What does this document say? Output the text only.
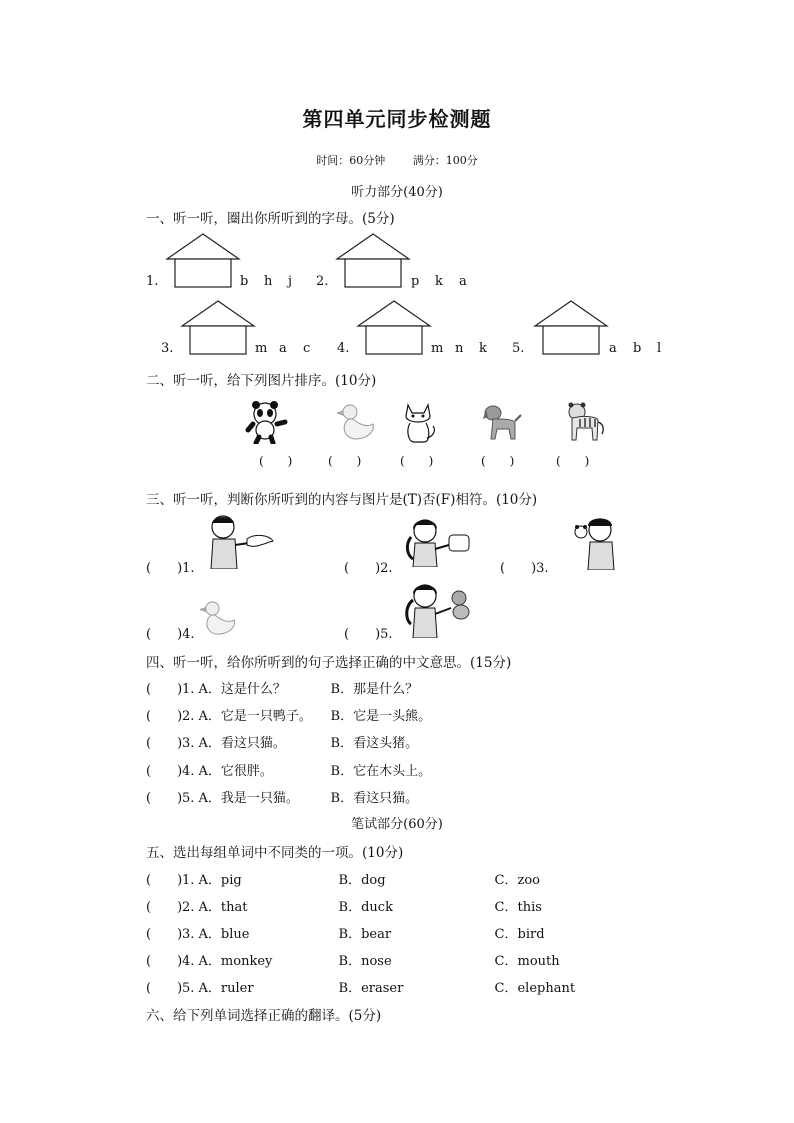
第四单元同步检测题
时间：60分钟	满分：100分
听力部分(40分)
一、听一听，圈出你所听到的字母。(5分)
1.	b h j	2.	p k a
3.	m a c	4.	m n k	5.	a b l
二、听一听，给下列图片排序。(10分)
(　　)	(　　)	(　　)	(　　)	(　　)
三、听一听，判断你所听到的内容与图片是(T)否(F)相符。(10分)
(　　)1.	(　　)2.	(　　)3.
(　　)4.	(　　)5.
四、听一听，给你所听到的句子选择正确的中文意思。(15分)
(　　)1. A．这是什么？	B．那是什么？
(　　)2. A．它是一只鸭子。 B．它是一头熊。
(　　)3. A．看这只猫。	B．看这头猪。
(　　)4. A．它很胖。	B．它在木头上。
(　　)5. A．我是一只猫。 B．看这只猫。
笔试部分(60分)
五、选出每组单词中不同类的一项。(10分)
(　　)1. A．pig	B．dog	C．zoo
(　　)2. A．that	B．duck	C．this
(　　)3. A．blue	B．bear	C．bird
(　　)4. A．monkey	B．nose	C．mouth
(　　)5. A．ruler	B．eraser	C．elephant
六、给下列单词选择正确的翻译。(5分)
